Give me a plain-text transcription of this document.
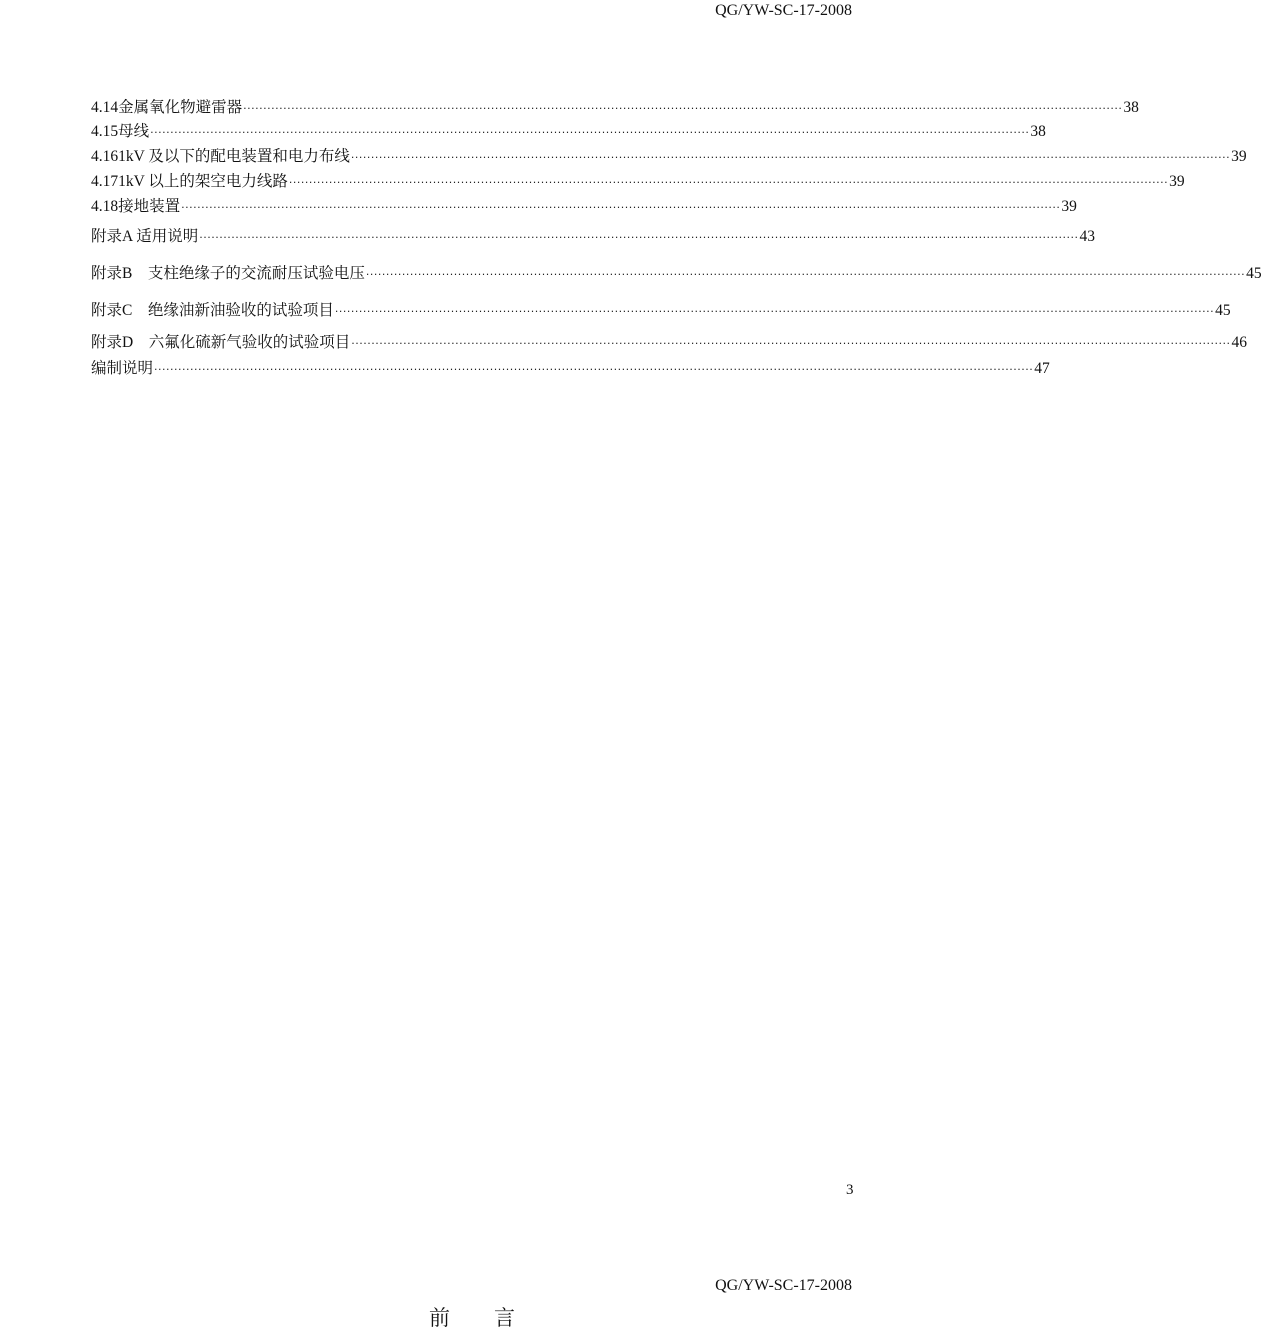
QG/YW-SC-17-2008
4.14 金属氧化物避雷器 ···························································································································································································································· 38
4.15 母线 ···························································································································································································································· 38
4.16 1kV 及以下的配电装置和电力布线 ···························································································································································································································· 39
4.17 1kV 以上的架空电力线路 ···························································································································································································································· 39
4.18 接地装置 ···························································································································································································································· 39
附录 A 适用说明 ···························································································································································································································· 43
附录 B　支柱绝缘子的交流耐压试验电压 ···························································································································································································································· 45
附录 C　绝缘油新油验收的试验项目 ···························································································································································································································· 45
附录 D　六氟化硫新气验收的试验项目 ···························································································································································································································· 46
编制说明 ···························································································································································································································· 47
3
QG/YW-SC-17-2008
前言
